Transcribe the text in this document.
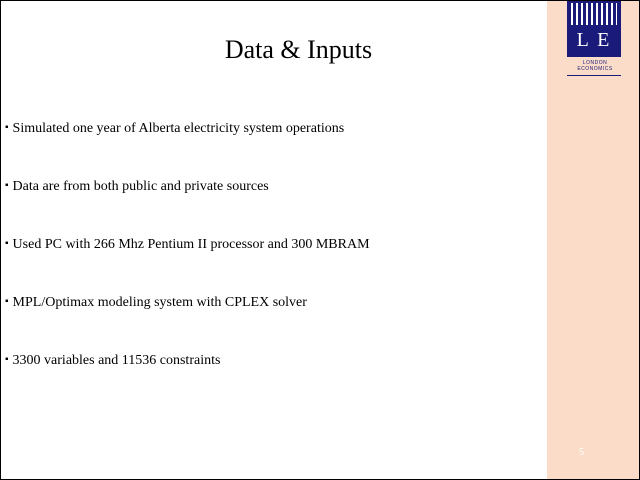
L E
LONDON
ECONOMICS
Data & Inputs
▪ Simulated one year of Alberta electricity system operations
▪ Data are from both public and private sources
▪ Used PC with 266 Mhz Pentium II processor and 300 MBRAM
▪ MPL/Optimax modeling system with CPLEX solver
▪ 3300 variables and 11536 constraints
5
